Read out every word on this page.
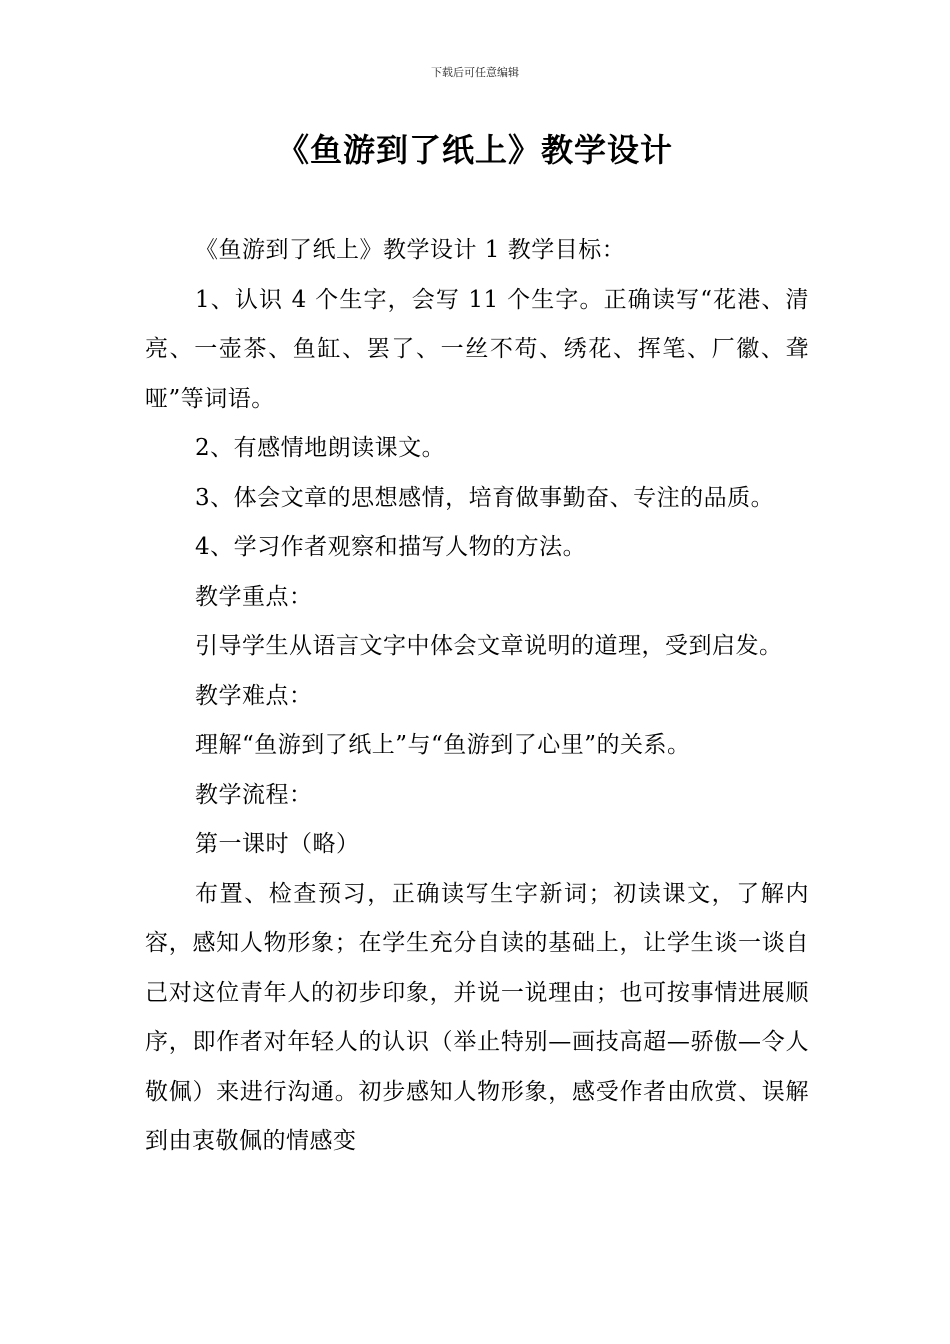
下载后可任意编辑
《鱼游到了纸上》教学设计

《鱼游到了纸上》教学设计 1 教学目标：

1、认识 4 个生字，会写 11 个生字。正确读写“花港、清亮、一壶茶、鱼缸、罢了、一丝不苟、绣花、挥笔、厂徽、聋哑”等词语。

2、有感情地朗读课文。

3、体会文章的思想感情，培育做事勤奋、专注的品质。

4、学习作者观察和描写人物的方法。

教学重点：

引导学生从语言文字中体会文章说明的道理，受到启发。

教学难点：

理解“鱼游到了纸上”与“鱼游到了心里”的关系。

教学流程：

第一课时（略）

布置、检查预习，正确读写生字新词；初读课文，了解内容，感知人物形象；在学生充分自读的基础上，让学生谈一谈自己对这位青年人的初步印象，并说一说理由；也可按事情进展顺序，即作者对年轻人的认识（举止特别—画技高超—骄傲—令人敬佩）来进行沟通。初步感知人物形象，感受作者由欣赏、误解到由衷敬佩的情感变
